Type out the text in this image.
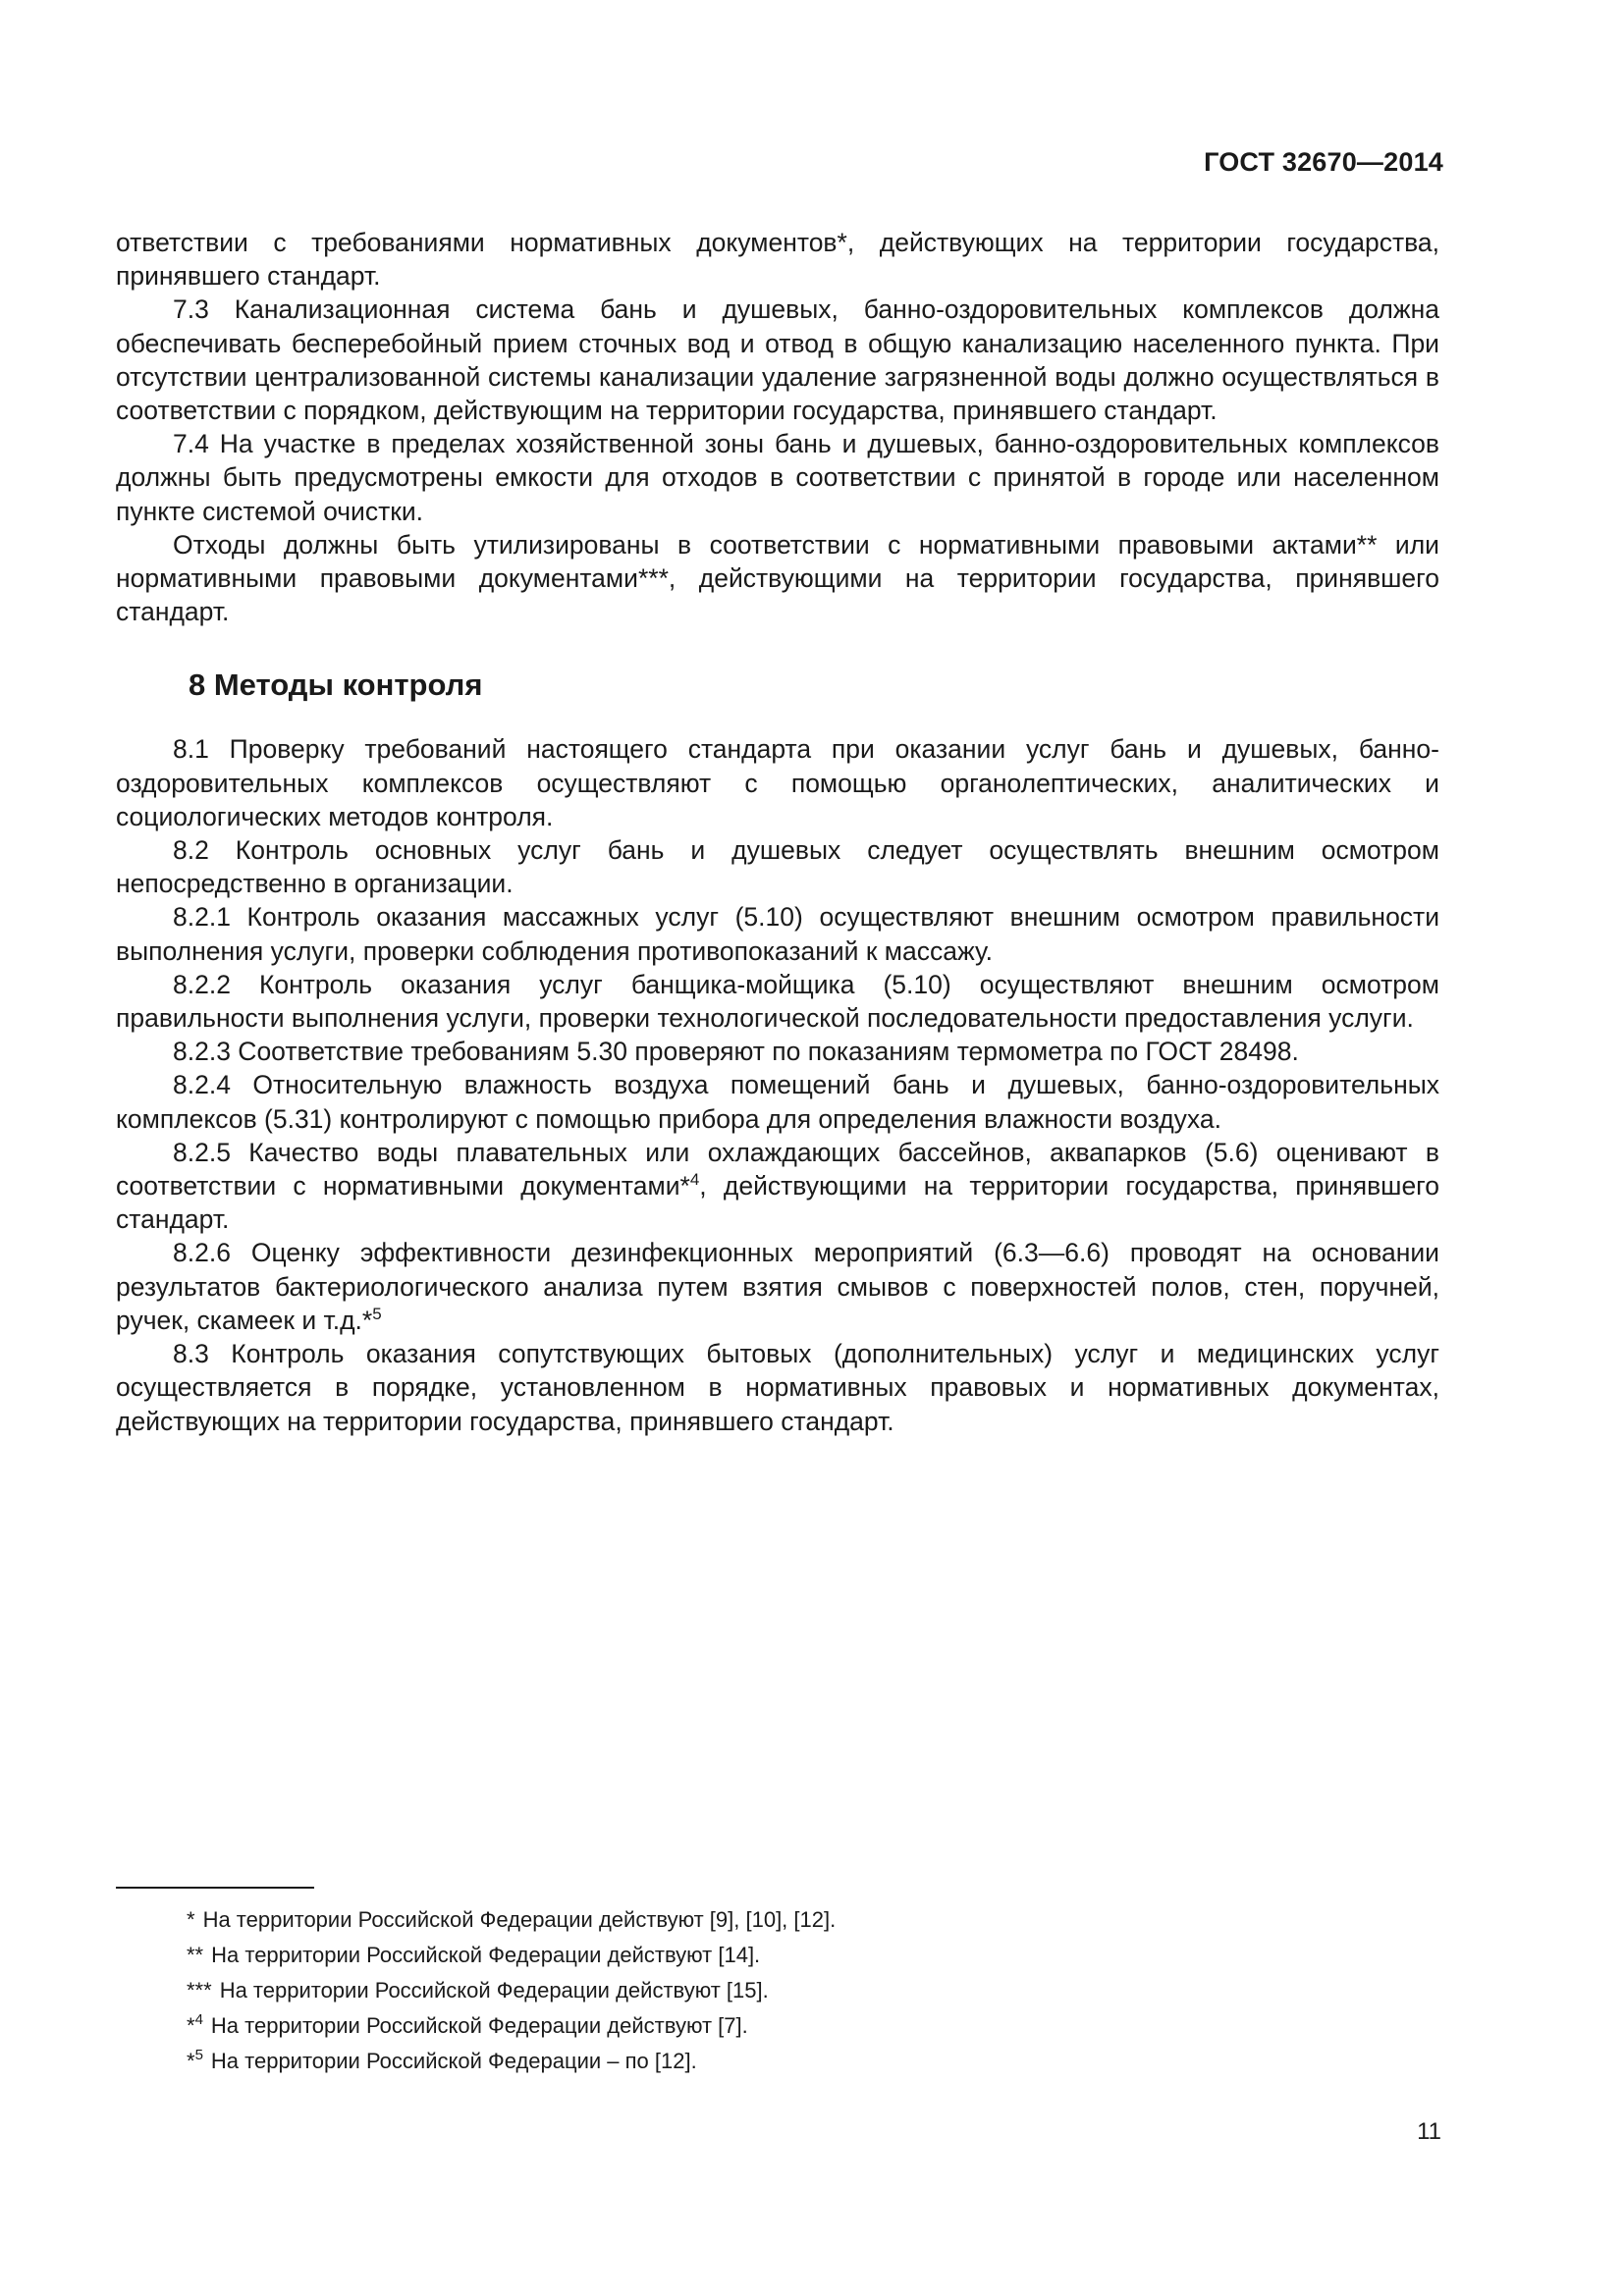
ГОСТ 32670—2014

ответствии с требованиями нормативных документов*, действующих на территории государства, принявшего стандарт.

7.3 Канализационная система бань и душевых, банно-оздоровительных комплексов должна обеспечивать бесперебойный прием сточных вод и отвод в общую канализацию населенного пункта. При отсутствии централизованной системы канализации удаление загрязненной воды должно осуществляться в соответствии с порядком, действующим на территории государства, принявшего стандарт.

7.4 На участке в пределах хозяйственной зоны бань и душевых, банно-оздоровительных комплексов должны быть предусмотрены емкости для отходов в соответствии с принятой в городе или населенном пункте системой очистки.

Отходы должны быть утилизированы в соответствии с нормативными правовыми актами** или нормативными правовыми документами***, действующими на территории государства, принявшего стандарт.

8 Методы контроля

8.1 Проверку требований настоящего стандарта при оказании услуг бань и душевых, банно-оздоровительных комплексов осуществляют с помощью органолептических, аналитических и социологических методов контроля.

8.2 Контроль основных услуг бань и душевых следует осуществлять внешним осмотром непосредственно в организации.

8.2.1 Контроль оказания массажных услуг (5.10) осуществляют внешним осмотром правильности выполнения услуги, проверки соблюдения противопоказаний к массажу.

8.2.2 Контроль оказания услуг банщика-мойщика (5.10) осуществляют внешним осмотром правильности выполнения услуги, проверки технологической последовательности предоставления услуги.

8.2.3 Соответствие требованиям 5.30 проверяют по показаниям термометра по ГОСТ 28498.

8.2.4 Относительную влажность воздуха помещений бань и душевых, банно-оздоровительных комплексов (5.31) контролируют с помощью прибора для определения влажности воздуха.

8.2.5 Качество воды плавательных или охлаждающих бассейнов, аквапарков (5.6) оценивают в соответствии с нормативными документами*$^4$, действующими на территории государства, принявшего стандарт.

8.2.6 Оценку эффективности дезинфекционных мероприятий (6.3—6.6) проводят на основании результатов бактериологического анализа путем взятия смывов с поверхностей полов, стен, поручней, ручек, скамеек и т.д.*$^5$

8.3 Контроль оказания сопутствующих бытовых (дополнительных) услуг и медицинских услуг осуществляется в порядке, установленном в нормативных правовых и нормативных документах, действующих на территории государства, принявшего стандарт.

* На территории Российской Федерации действуют [9], [10], [12].
** На территории Российской Федерации действуют [14].
*** На территории Российской Федерации действуют [15].
*$^4$ На территории Российской Федерации действуют [7].
*$^5$ На территории Российской Федерации – по [12].
11
